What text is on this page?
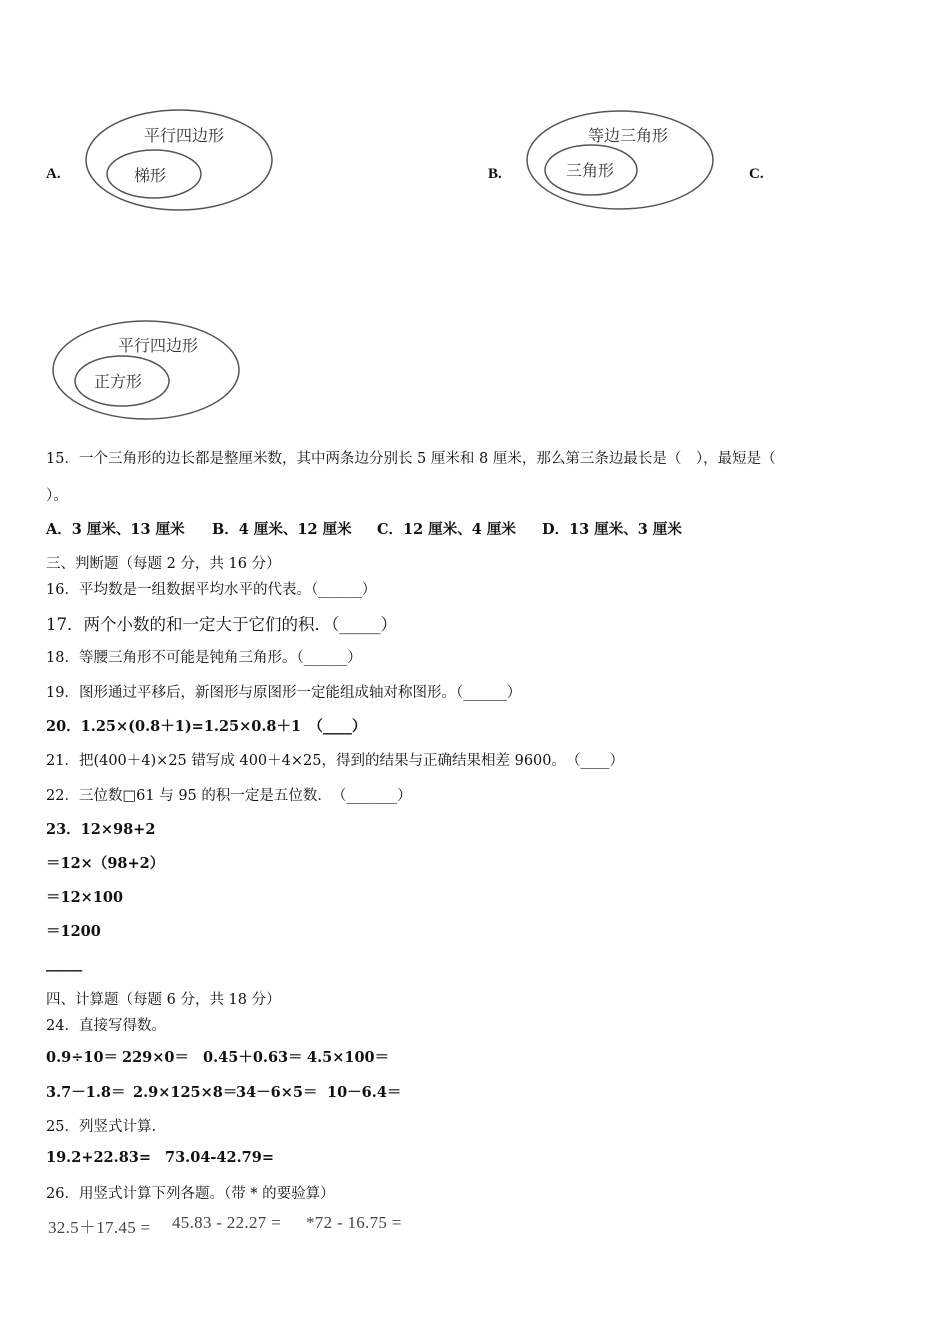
A.
平行四边形
梯形	B.
等边三角形
三角形	C.
平行四边形
正方形
15．一个三角形的边长都是整厘米数，其中两条边分别长 5 厘米和 8 厘米，那么第三条边最长是（　），最短是（
）。
A．3 厘米、13 厘米 B．4 厘米、12 厘米 C．12 厘米、4 厘米 D．13 厘米、3 厘米
三、判断题（每题 2 分，共 16 分）
16．平均数是一组数据平均水平的代表。（______）
17．两个小数的和一定大于它们的积．（_____）
18．等腰三角形不可能是钝角三角形。（______）
19．图形通过平移后，新图形与原图形一定能组成轴对称图形。（______）
20．1.25×(0.8＋1)=1.25×0.8＋1　（____）
21．把(400＋4)×25 错写成 400＋4×25，得到的结果与正确结果相差 9600。　（____）
22．三位数□61 与 95 的积一定是五位数．　（_______）
23．12×98+2
＝12×（98+2）
＝12×100
＝1200
_____
四、计算题（每题 6 分，共 18 分）
24．直接写得数。
0.9÷10＝ 229×0＝ 0.45＋0.63＝ 4.5×100＝
3.7－1.8＝ 2.9×125×8＝
34－6×5＝ 10－6.4＝
25．列竖式计算.
19.2+22.83= 73.04-42.79=
26．用竖式计算下列各题。（带 * 的要验算）
32.5＋17.45 = 45.83 - 22.27 = *72 - 16.75 =
